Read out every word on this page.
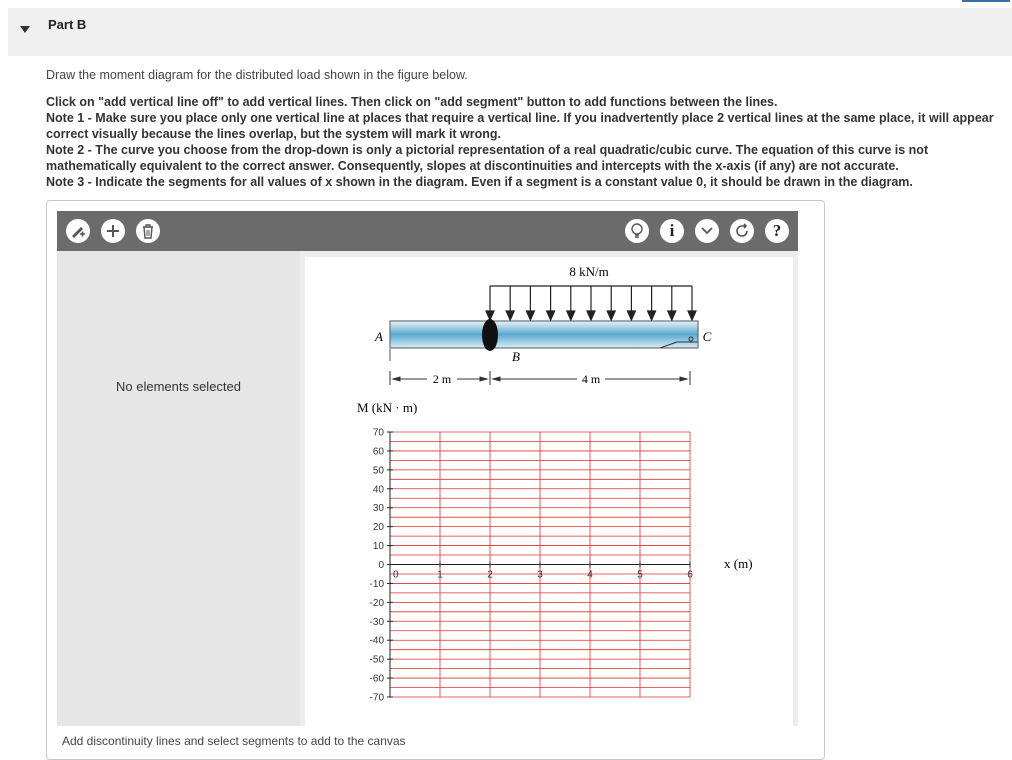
Part B
Draw the moment diagram for the distributed load shown in the figure below.
Click on "add vertical line off" to add vertical lines. Then click on "add segment" button to add functions between the lines.
Note 1 - Make sure you place only one vertical line at places that require a vertical line. If you inadvertently place 2 vertical lines at the same place, it will appear correct visually because the lines overlap, but the system will mark it wrong.
Note 2 - The curve you choose from the drop-down is only a pictorial representation of a real quadratic/cubic curve. The equation of this curve is not mathematically equivalent to the correct answer. Consequently, slopes at discontinuities and intercepts with the x-axis (if any) are not accurate.
Note 3 - Indicate the segments for all values of x shown in the diagram. Even if a segment is a constant value 0, it should be drawn in the diagram.
i	?
No elements selected
8 kN/m
A
B
C
2 m	4 m
M (kN · m)
x (m)
70
60
50
40
30
20
10
0
-10
-20
-30
-40
-50
-60
-70
0	1	2	3	4	5	6
Add discontinuity lines and select segments to add to the canvas
